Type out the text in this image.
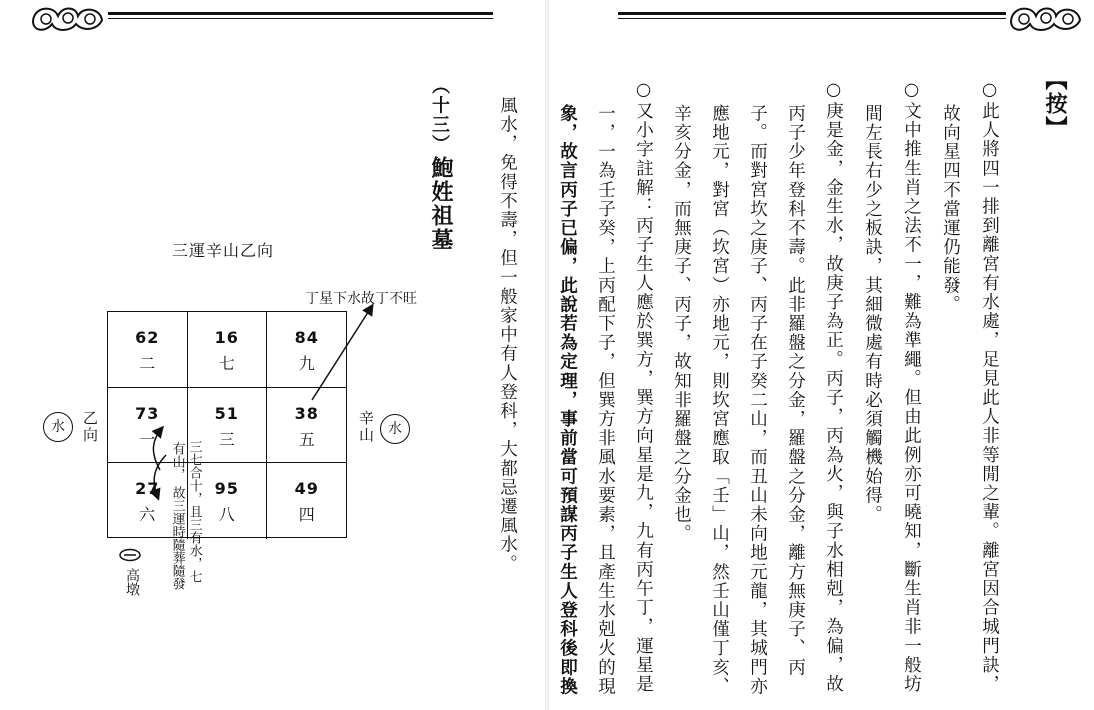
【按】
○此人將四一排到離宮有水處，足見此人非等閒之輩。離宮因合城門訣，
故向星四不當運仍能發。
○文中推生肖之法不一，難為準繩。但由此例亦可曉知，斷生肖非一般坊
間左長右少之板訣，其細微處有時必須觸機始得。
○庚是金，金生水，故庚子為正。丙子，丙為火，與子水相剋，為偏，故
丙子少年登科不壽。此非羅盤之分金，羅盤之分金，離方無庚子、丙
子。而對宮坎之庚子、丙子在子癸二山，而丑山未向地元龍，其城門亦
應地元，對宮（坎宮）亦地元，則坎宮應取「壬」山，然壬山僅丁亥、
辛亥分金，而無庚子、丙子，故知非羅盤之分金也。
○又小字註解：丙子生人應於巽方，巽方向星是九，九有丙午丁，運星是
一，一為壬子癸，上丙配下子，但巽方非風水要素，且產生水剋火的現
象，故言丙子已偏，此說若為定理，事前當可預謀丙子生人登科後即換
風水，免得不壽，但一般家中有人登科，大都忌遷風水。
（十三）
鮑姓祖墓
三運辛山乙向
丁星下水故丁不旺
62
二
16
七
84
九
73
一
51
三
38
五
27
六
95
八
49
四
水	乙向	辛山 水
有山， 三七合十，且三有水，七
故三運時隨葬隨發
高墩
